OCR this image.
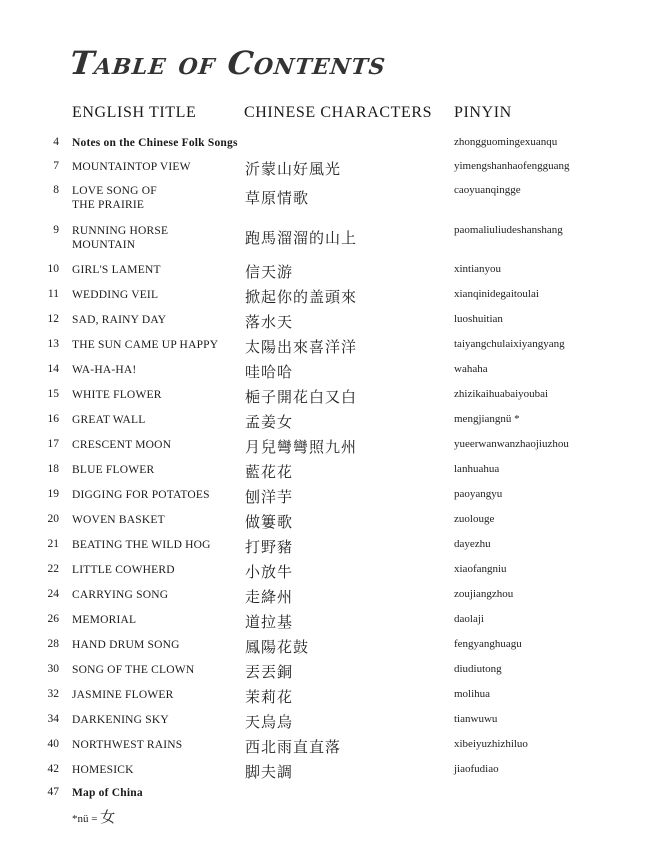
Table of Contents
ENGLISH TITLE	CHINESE CHARACTERS PINYIN
4 Notes on the Chinese Folk Songs	zhongguomingexuanqu
7 MOUNTAINTOP VIEW	沂蒙山好風光	yimengshanhaofengguang
8 LOVE SONG OF
THE PRAIRIE	草原情歌	caoyuanqingge
9 RUNNING HORSE
MOUNTAIN	跑馬溜溜的山上	paomaliuliudeshanshang
10 GIRL'S LAMENT	信天游	xintianyou
11 WEDDING VEIL	掀起你的盖頭來	xianqinidegaitoulai
12 SAD, RAINY DAY	落水天	luoshuitian
13 THE SUN CAME UP HAPPY	太陽出來喜洋洋	taiyangchulaixiyangyang
14 WA-HA-HA!	哇哈哈	wahaha
15 WHITE FLOWER	梔子開花白又白	zhizikaihuabaiyoubai
16 GREAT WALL	孟姜女	mengjiangnü *
17 CRESCENT MOON	月兒彎彎照九州	yueerwanwanzhaojiuzhou
18 BLUE FLOWER	藍花花	lanhuahua
19 DIGGING FOR POTATOES	刨洋芋	paoyangyu
20 WOVEN BASKET	做簍歌	zuolouge
21 BEATING THE WILD HOG	打野豬	dayezhu
22 LITTLE COWHERD	小放牛	xiaofangniu
24 CARRYING SONG	走絳州	zoujiangzhou
26 MEMORIAL	道拉基	daolaji
28 HAND DRUM SONG	鳳陽花鼓	fengyanghuagu
30 SONG OF THE CLOWN	丟丟銅	diudiutong
32 JASMINE FLOWER	茉莉花	molihua
34 DARKENING SKY	天烏烏	tianwuwu
40 NORTHWEST RAINS	西北雨直直落	xibeiyuzhizhiluo
42 HOMESICK	脚夫調	jiaofudiao
47 Map of China
*nü = 女
